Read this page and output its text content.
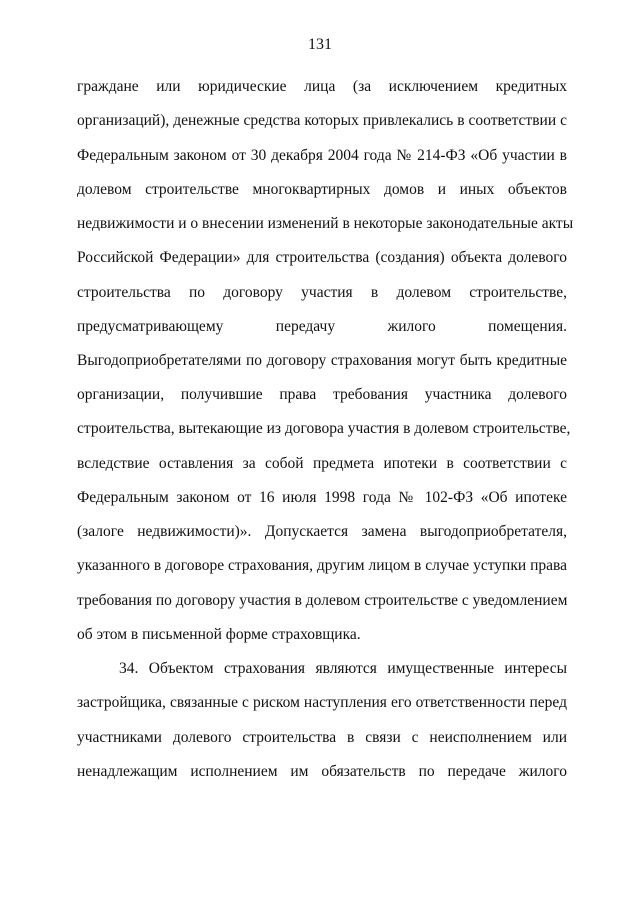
131
граждане или юридические лица (за исключением кредитных
организаций), денежные средства которых привлекались в соответствии с
Федеральным законом от 30 декабря 2004 года № 214-ФЗ «Об участии в
долевом строительстве многоквартирных домов и иных объектов
недвижимости и о внесении изменений в некоторые законодательные акты
Российской Федерации» для строительства (создания) объекта долевого
строительства по договору участия в долевом строительстве,
предусматривающему передачу жилого помещения.
Выгодоприобретателями по договору страхования могут быть кредитные
организации, получившие права требования участника долевого
строительства, вытекающие из договора участия в долевом строительстве,
вследствие оставления за собой предмета ипотеки в соответствии с
Федеральным законом от 16 июля 1998 года № 102-ФЗ «Об ипотеке
(залоге недвижимости)». Допускается замена выгодоприобретателя,
указанного в договоре страхования, другим лицом в случае уступки права
требования по договору участия в долевом строительстве с уведомлением
об этом в письменной форме страховщика.
34. Объектом страхования являются имущественные интересы
застройщика, связанные с риском наступления его ответственности перед
участниками долевого строительства в связи с неисполнением или
ненадлежащим исполнением им обязательств по передаче жилого
